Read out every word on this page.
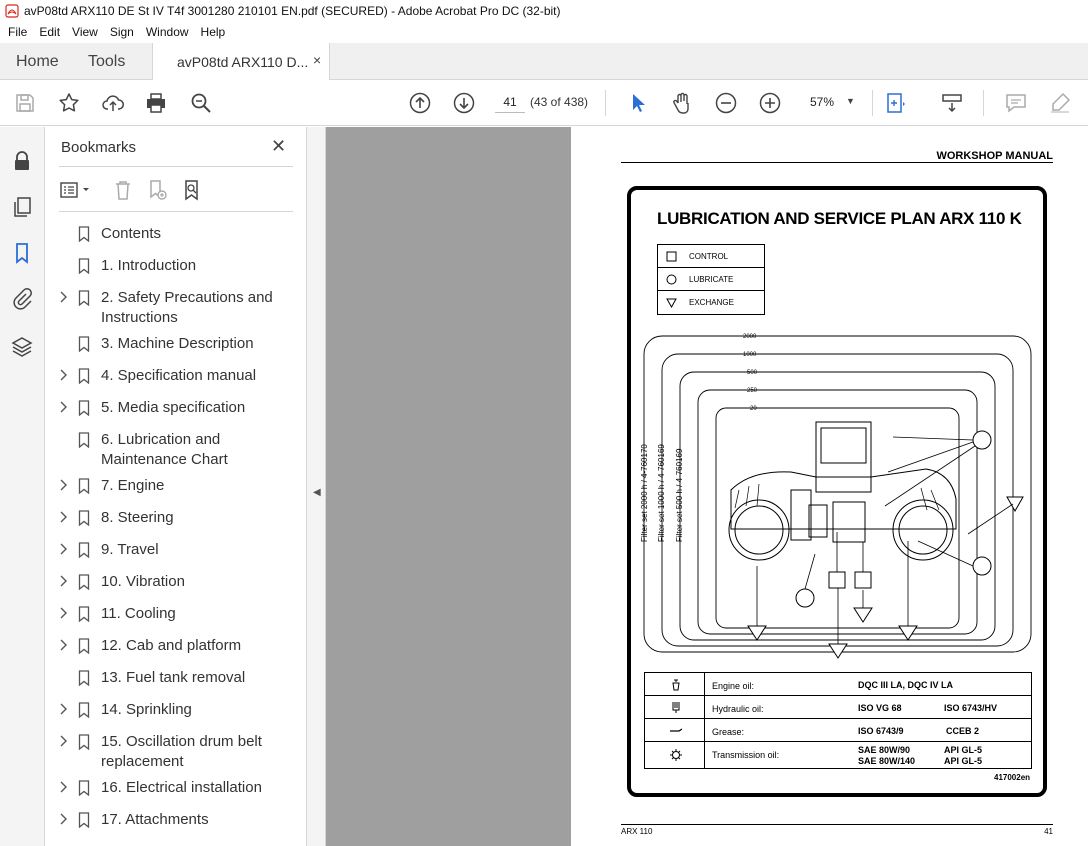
avP08td ARX110 DE St IV T4f 3001280 210101 EN.pdf (SECURED) - Adobe Acrobat Pro DC (32-bit)
File	Edit	View	Sign	Window	Help
Home Tools	avP08td ARX110 D... ×
41	(43 of 438)	57%	▼
Bookmarks	✕
Contents
1. Introduction
2. Safety Precautions and Instructions
3. Machine Description
4. Specification manual
5. Media specification
6. Lubrication and Maintenance Chart
7. Engine
8. Steering
9. Travel
10. Vibration
11. Cooling
12. Cab and platform
13. Fuel tank removal
14. Sprinkling
15. Oscillation drum belt replacement
16. Electrical installation
17. Attachments
◀
WORKSHOP MANUAL
LUBRICATION AND SERVICE PLAN ARX 110 K
CONTROL
LUBRICATE
EXCHANGE
2000
1000
500
250
20
Filter set 2000 h / 4-760170 Filter set 1000 h / 4-760169 Filter set 500 h / 4-760169
Engine oil:	DQC III LA, DQC IV LA
Hydraulic oil:	ISO VG 68	ISO 6743/HV
Grease:	ISO 6743/9	CCEB 2
Transmission oil:	SAE 80W/90	API GL-5
SAE 80W/140	API GL-5
417002en
ARX 110	41
